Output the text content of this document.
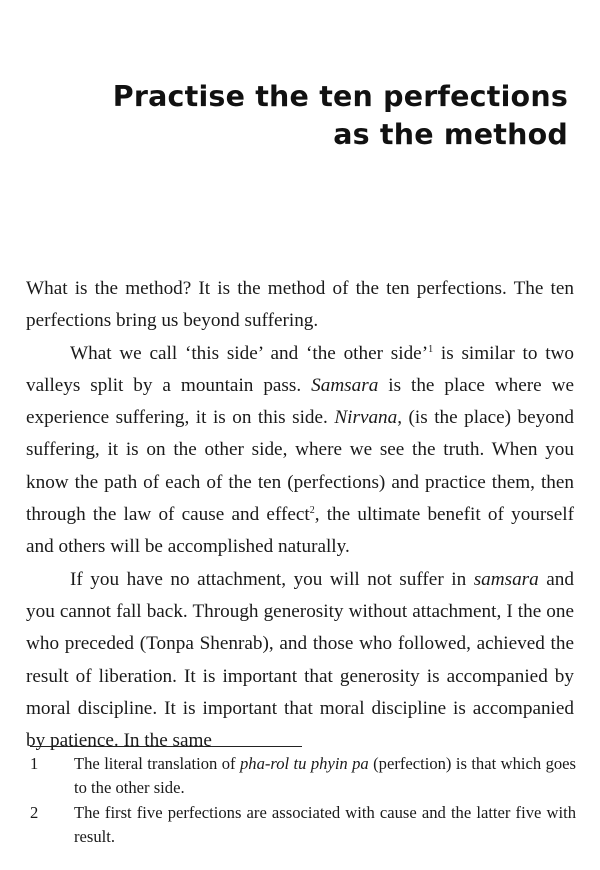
Practise the ten perfections
as the method

What is the method? It is the method of the ten perfections. The ten perfections bring us beyond suffering.

What we call ‘this side’ and ‘the other side’$^1$ is similar to two valleys split by a mountain pass. Samsara is the place where we experience suffering, it is on this side. Nirvana, (is the place) beyond suffering, it is on the other side, where we see the truth. When you know the path of each of the ten (perfections) and practice them, then through the law of cause and effect$^2$, the ultimate benefit of yourself and others will be accomplished naturally.

If you have no attachment, you will not suffer in samsara and you cannot fall back. Through generosity without attachment, I the one who preceded (Tonpa Shenrab), and those who followed, achieved the result of liberation. It is important that generosity is accompanied by moral discipline. It is important that moral discipline is accompanied by patience. In the same

1	The literal translation of pha-rol tu phyin pa (perfection) is that which goes to the other side.
2	The first five perfections are associated with cause and the latter five with result.
